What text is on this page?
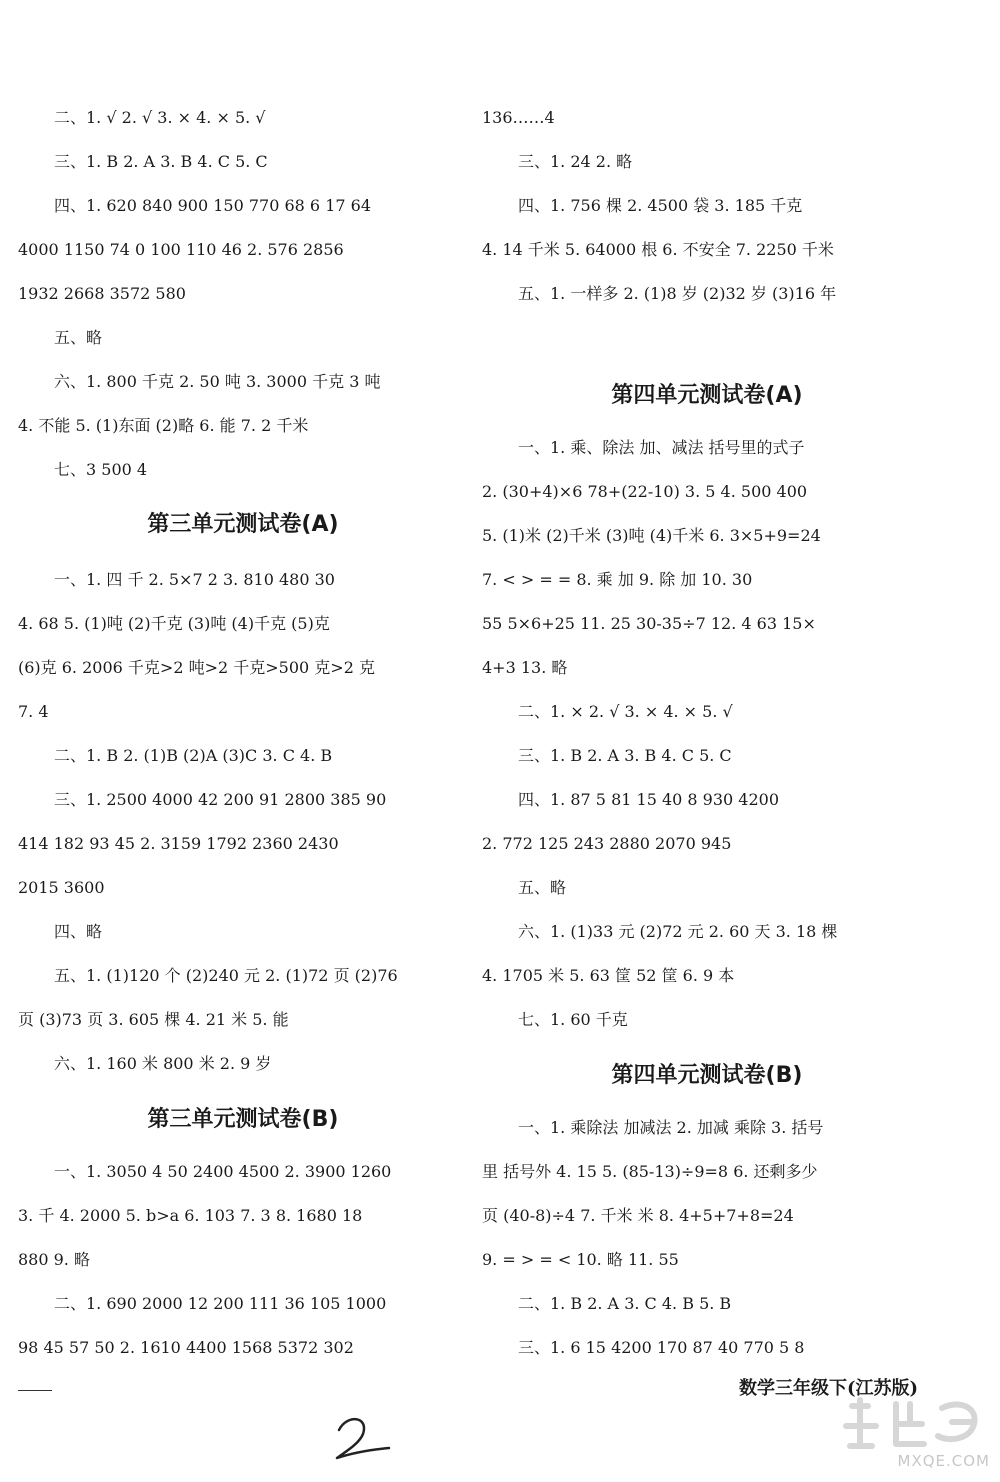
二、1. √ 2. √ 3. × 4. × 5. √
三、1. B 2. A 3. B 4. C 5. C
四、1. 620 840 900 150 770 68 6 17 64
4000 1150 74 0 100 110 46 2. 576 2856
1932 2668 3572 580
五、略
六、1. 800 千克 2. 50 吨 3. 3000 千克 3 吨
4. 不能 5. (1)东面 (2)略 6. 能 7. 2 千米
七、3 500 4
第三单元测试卷(A)
一、1. 四 千 2. 5×7 2 3. 810 480 30
4. 68 5. (1)吨 (2)千克 (3)吨 (4)千克 (5)克
(6)克 6. 2006 千克>2 吨>2 千克>500 克>2 克
7. 4
二、1. B 2. (1)B (2)A (3)C 3. C 4. B
三、1. 2500 4000 42 200 91 2800 385 90
414 182 93 45 2. 3159 1792 2360 2430
2015 3600
四、略
五、1. (1)120 个 (2)240 元 2. (1)72 页 (2)76
页 (3)73 页 3. 605 棵 4. 21 米 5. 能
六、1. 160 米 800 米 2. 9 岁
第三单元测试卷(B)
一、1. 3050 4 50 2400 4500 2. 3900 1260
3. 千 4. 2000 5. b>a 6. 103 7. 3 8. 1680 18
880 9. 略
二、1. 690 2000 12 200 111 36 105 1000
98 45 57 50 2. 1610 4400 1568 5372 302
136……4
三、1. 24 2. 略
四、1. 756 棵 2. 4500 袋 3. 185 千克
4. 14 千米 5. 64000 根 6. 不安全 7. 2250 千米
五、1. 一样多 2. (1)8 岁 (2)32 岁 (3)16 年
第四单元测试卷(A)
一、1. 乘、除法 加、减法 括号里的式子
2. (30+4)×6 78+(22-10) 3. 5 4. 500 400
5. (1)米 (2)千米 (3)吨 (4)千米 6. 3×5+9=24
7. < > = = 8. 乘 加 9. 除 加 10. 30
55 5×6+25 11. 25 30-35÷7 12. 4 63 15×
4+3 13. 略
二、1. × 2. √ 3. × 4. × 5. √
三、1. B 2. A 3. B 4. C 5. C
四、1. 87 5 81 15 40 8 930 4200
2. 772 125 243 2880 2070 945
五、略
六、1. (1)33 元 (2)72 元 2. 60 天 3. 18 棵
4. 1705 米 5. 63 筐 52 筐 6. 9 本
七、1. 60 千克
第四单元测试卷(B)
一、1. 乘除法 加减法 2. 加减 乘除 3. 括号
里 括号外 4. 15 5. (85-13)÷9=8 6. 还剩多少
页 (40-8)÷4 7. 千米 米 8. 4+5+7+8=24
9. = > = < 10. 略 11. 55
二、1. B 2. A 3. C 4. B 5. B
三、1. 6 15 4200 170 87 40 770 5 8
数学三年级下(江苏版)
MXQE.COM
